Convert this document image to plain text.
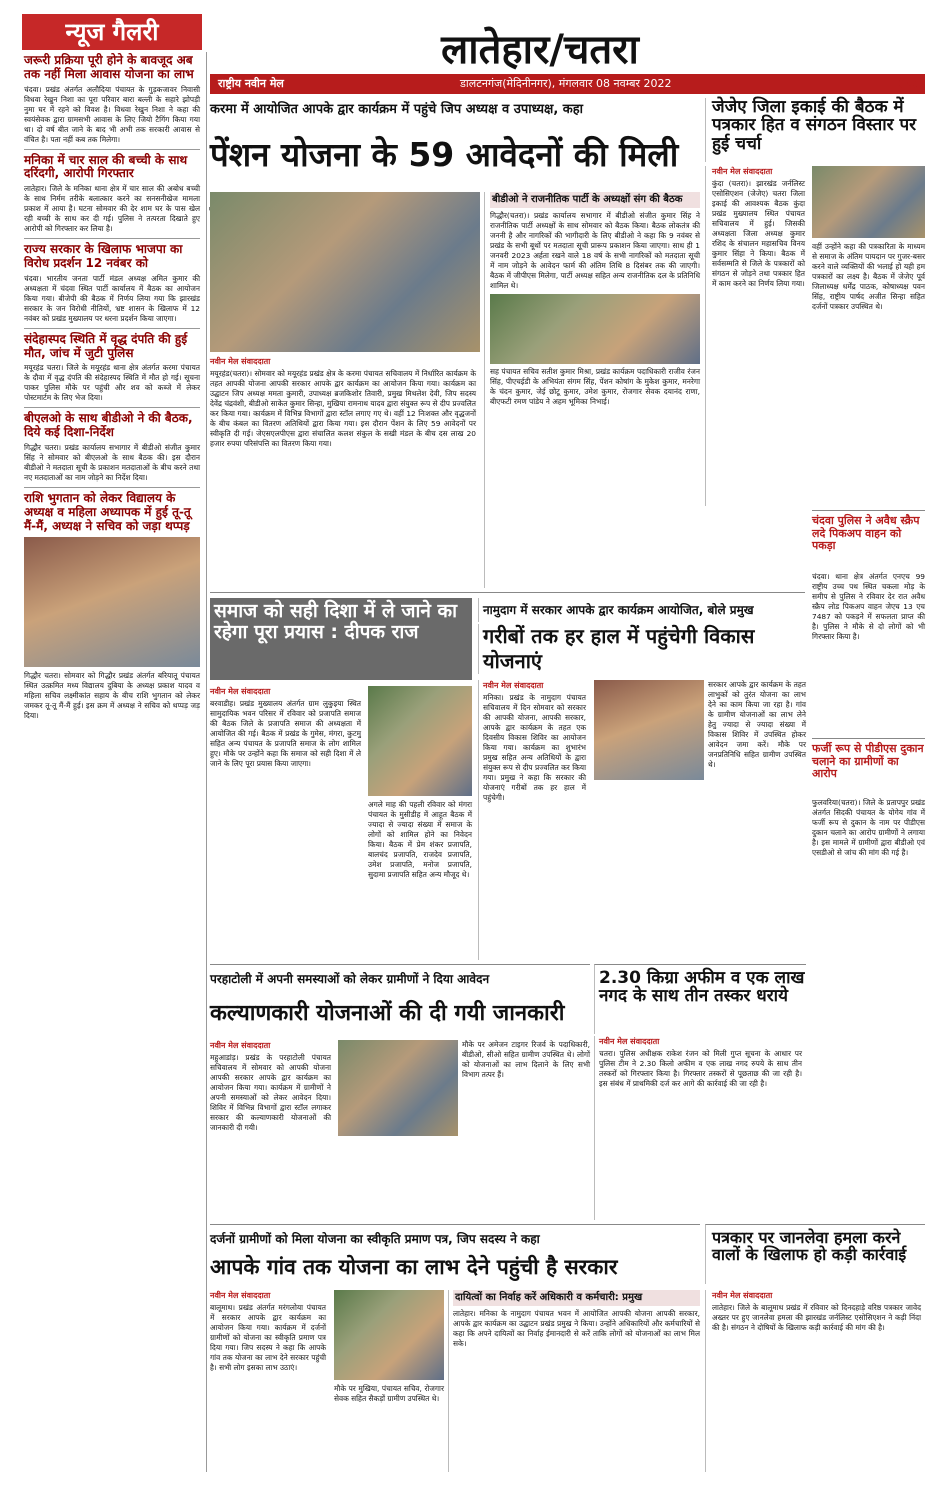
लातेहार/चतरा
राष्ट्रीय नवीन मेल	डालटनगंज(मेदिनीनगर), मंगलवार 08 नवम्बर 2022	05
न्यूज गैलरी
जरूरी प्रक्रिया पूरी होने के बावजूद अब तक नहीं मिला आवास योजना का लाभ
चंदवा। प्रखंड अंतर्गत अलौदिया पंचायत के गुड़कजावर निवासी विधवा रेखुन निशा का पूरा परिवार बारा बल्ली के सहारे झोपड़ी नुमा घर में रहने को विवश है। विधवा रेखुन निशा ने कहा की स्वयंसेवक द्वारा ग्रामसभी आवास के लिए जियो टैगिंग किया गया था। दो वर्ष बीत जाने के बाद भी अभी तक सरकारी आवास से वंचित है। पता नहीं कब तक मिलेगा।
मनिका में चार साल की बच्ची के साथ दरिंदगी, आरोपी गिरफ्तार
लातेहार। जिले के मनिका थाना क्षेत्र में चार साल की अबोध बच्ची के साथ निर्मम तरीके बलात्कार करने का सनसनीखेज मामला प्रकाश में आया है। घटना सोमवार की देर शाम घर के पास खेल रही बच्ची के साथ कर दी गई। पुलिस ने तत्परता दिखाते हुए आरोपी को गिरफ्तार कर लिया है।
राज्य सरकार के खिलाफ भाजपा का विरोध प्रदर्शन 12 नवंबर को
चंदवा। भारतीय जनता पार्टी मंडल अध्यक्ष अमित कुमार की अध्यक्षता में चंदवा स्थित पार्टी कार्यालय में बैठक का आयोजन किया गया। बीजेपी की बैठक में निर्णय लिया गया कि झारखंड सरकार के जन विरोधी नीतियों, भ्रष्ट शासन के खिलाफ में 12 नवंबर को प्रखंड मुख्यालय पर धरना प्रदर्शन किया जाएगा।
संदेहास्पद स्थिति में वृद्ध दंपति की हुई मौत, जांच में जुटी पुलिस
मयूरहंड चतरा। जिले के मयूरहंड थाना क्षेत्र अंतर्गत करमा पंचायत के दौवा में वृद्ध दंपति की संदेहास्पद स्थिति में मौत हो गई। सूचना पाकर पुलिस मौके पर पहुंची और शव को कब्जे में लेकर पोस्टमार्टम के लिए भेज दिया।
बीएलओ के साथ बीडीओ ने की बैठक, दिये कई दिशा-निर्देश
गिद्धौर चतरा। प्रखंड कार्यालय सभागार में बीडीओ संजीत कुमार सिंह ने सोमवार को बीएलओ के साथ बैठक की। इस दौरान बीडीओ ने मतदाता सूची के प्रकाशन मतदाताओं के बीच करने तथा नए मतदाताओं का नाम जोड़ने का निर्देश दिया।
राशि भुगतान को लेकर विद्यालय के अध्यक्ष व महिला अध्यापक में हुई तू-तू मैं-मैं, अध्यक्ष ने सचिव को जड़ा थप्पड़
गिद्धौर चतरा। सोमवार को गिद्धौर प्रखंड अंतर्गत बरियातू पंचायत स्थित उत्क्रमित मध्य विद्यालय दुबिया के अध्यक्ष प्रकाश यादव व महिला सचिव लक्ष्मीकांत सहाय के बीच राशि भुगतान को लेकर जमकर तू-तू मैं-मैं हुई। इस क्रम में अध्यक्ष ने सचिव को थप्पड़ जड़ दिया।
करमा में आयोजित आपके द्वार कार्यक्रम में पहुंचे जिप अध्यक्ष व उपाध्यक्ष, कहा
पेंशन योजना के 59 आवेदनों की मिली
नवीन मेल संवाददाता
मयूरहंड(चतरा)। सोमवार को मयूरहंड प्रखंड क्षेत्र के करमा पंचायत सचिवालय में निर्धारित कार्यक्रम के तहत आपकी योजना आपकी सरकार आपके द्वार कार्यक्रम का आयोजन किया गया। कार्यक्रम का उद्घाटन जिप अध्यक्ष ममता कुमारी, उपाध्यक्ष ब्रजकिशोर तिवारी, प्रमुख मिथलेश देवी, जिप सदस्य देवेंद्र चंद्रवंशी, बीडीओ साकेत कुमार सिन्हा, मुखिया रामनाथ यादव द्वारा संयुक्त रूप से दीप प्रज्वलित कर किया गया। कार्यक्रम में विभिन्न विभागों द्वारा स्टॉल लगाए गए थे। वहीं 12 निःशक्त और वृद्धजनों के बीच कंबल का वितरण अतिथियों द्वारा किया गया। इस दौरान पेंशन के लिए 59 आवेदनों पर स्वीकृति दी गई। जेएसएलपीएस द्वारा संचालित कलश संकुल के सखी मंडल के बीच दस लाख 20 हजार रुपया परिसंपत्ति का वितरण किया गया।
बीडीओ ने राजनीतिक पार्टी के अध्यक्षों संग की बैठक
गिद्धौर(चतरा)। प्रखंड कार्यालय सभागार में बीडीओ संजीत कुमार सिंह ने राजनीतिक पार्टी अध्यक्षों के साथ सोमवार को बैठक किया। बैठक लोकतंत्र की जननी है और नागरिकों की भागीदारी के लिए बीडीओ ने कहा कि 9 नवंबर से प्रखंड के सभी बूथों पर मतदाता सूची प्रारूप प्रकाशन किया जाएगा। साथ ही 1 जनवरी 2023 अर्हता रखने वाले 18 वर्ष के सभी नागरिकों को मतदाता सूची में नाम जोड़ने के आवेदन फार्म की अंतिम तिथि 8 दिसंबर तक की जाएगी। बैठक में जीपीएस मिलेगा, पार्टी अध्यक्ष सहित अन्य राजनीतिक दल के प्रतिनिधि शामिल थे।
सह पंचायत सचिव सतीश कुमार मिश्रा, प्रखंड कार्यक्रम पदाधिकारी राजीव रंजन सिंह, पीएचईडी के अभियंता संगम सिंह, पेंशन कोषांग के मुकेश कुमार, मनरेगा के चंदन कुमार, जेई छोटू कुमार, उमेश कुमार, रोजगार सेवक दयानंद राणा, बीएफटी रमण पांडेय ने अहम भूमिका निभाई।
जेजेए जिला इकाई की बैठक में पत्रकार हित व संगठन विस्तार पर हुई चर्चा
नवीन मेल संवाददाता
कुंदा (चतरा)। झारखंड जर्नलिस्ट एसोसिएशन (जेजेए) चतरा जिला इकाई की आवश्यक बैठक कुंदा प्रखंड मुख्यालय स्थित पंचायत सचिवालय में हुई। जिसकी अध्यक्षता जिला अध्यक्ष कुमार रशिद के संचालन महासचिव विनय कुमार सिंहा ने किया। बैठक में सर्वसम्मति से जिले के पत्रकारों को संगठन से जोड़ने तथा पत्रकार हित में काम करने का निर्णय लिया गया।
वहीं उन्होंने कहा की पत्रकारिता के माध्यम से समाज के अंतिम पायदान पर गुजर-बसर करने वाले व्यक्तियों की भलाई हो यही हम पत्रकारों का लक्ष्य है। बैठक में जेजेए पूर्व जिलाध्यक्ष धर्मेंद्र पाठक, कोषाध्यक्ष पवन सिंह, राष्ट्रीय पार्षद अजीत सिन्हा सहित दर्जनों पत्रकार उपस्थित थे।
चंदवा पुलिस ने अवैध स्क्रैप लदे पिकअप वाहन को पकड़ा
चंदवा। थाना क्षेत्र अंतर्गत एनएच 99 राष्ट्रीय उच्च पथ स्थित चकला मोड़ के समीप से पुलिस ने रविवार देर रात अवैध स्क्रैप लोड पिकअप वाहन जेएच 13 एच 7487 को पकड़ने में सफलता प्राप्त की है। पुलिस ने मौके से दो लोगों को भी गिरफ्तार किया है।
फर्जी रूप से पीडीएस दुकान चलाने का ग्रामीणों का आरोप
फुलवरिया(चतरा)। जिले के प्रतापपुर प्रखंड अंतर्गत सिदकी पंचायत के योगेय गांव में फर्जी रूप से दुकान के नाम पर पीडीएस दुकान चलाने का आरोप ग्रामीणों ने लगाया है। इस मामले में ग्रामीणों द्वारा बीडीओ एवं एसडीओ से जांच की मांग की गई है।
समाज को सही दिशा में ले जाने का रहेगा पूरा प्रयास : दीपक राज
नवीन मेल संवाददाता
बरवाडीह। प्रखंड मुख्यालय अंतर्गत ग्राम लुकुइया स्थित सामुदायिक भवन परिसर में रविवार को प्रजापति समाज की बैठक जिले के प्रजापति समाज की अध्यक्षता में आयोजित की गई। बैठक में प्रखंड के गुमेस, मंगरा, कुटमु सहित अन्य पंचायत के प्रजापति समाज के लोग शामिल हुए। मौके पर उन्होंने कहा कि समाज को सही दिशा में ले जाने के लिए पूरा प्रयास किया जाएगा।
अगले माह की पहली रविवार को मंगरा पंचायत के मुसीडीह में आहूत बैठक में ज्यादा से ज्यादा संख्या में समाज के लोगों को शामिल होने का निवेदन किया। बैठक में प्रेम शंकर प्रजापति, बालचंद प्रजापति, राजदेव प्रजापति, उमेश प्रजापति, मनोज प्रजापति, सुदामा प्रजापति सहित अन्य मौजूद थे।
नामुदाग में सरकार आपके द्वार कार्यक्रम आयोजित, बोले प्रमुख
गरीबों तक हर हाल में पहुंचेगी विकास योजनाएं
नवीन मेल संवाददाता
मनिका। प्रखंड के नामुदाग पंचायत सचिवालय में दिन सोमवार को सरकार की आपकी योजना, आपकी सरकार, आपके द्वार कार्यक्रम के तहत एक दिवसीय विकास शिविर का आयोजन किया गया। कार्यक्रम का शुभारंभ प्रमुख सहित अन्य अतिथियों के द्वारा संयुक्त रूप से दीप प्रज्वलित कर किया गया। प्रमुख ने कहा कि सरकार की योजनाएं गरीबों तक हर हाल में पहुंचेगी।
सरकार आपके द्वार कार्यक्रम के तहत लाभुकों को तुरंत योजना का लाभ देने का काम किया जा रहा है। गांव के ग्रामीण योजनाओं का लाभ लेने हेतु ज्यादा से ज्यादा संख्या में विकास शिविर में उपस्थित होकर आवेदन जमा करें। मौके पर जनप्रतिनिधि सहित ग्रामीण उपस्थित थे।
परहाटोली में अपनी समस्याओं को लेकर ग्रामीणों ने दिया आवेदन
कल्याणकारी योजनाओं की दी गयी जानकारी
नवीन मेल संवाददाता
महुआडांड़। प्रखंड के परहाटोली पंचायत सचिवालय में सोमवार को आपकी योजना आपकी सरकार आपके द्वार कार्यक्रम का आयोजन किया गया। कार्यक्रम में ग्रामीणों ने अपनी समस्याओं को लेकर आवेदन दिया। शिविर में विभिन्न विभागों द्वारा स्टॉल लगाकर सरकार की कल्याणकारी योजनाओं की जानकारी दी गयी।
मौके पर अमेजन टाइगर रिजर्व के पदाधिकारी, बीडीओ, सीओ सहित ग्रामीण उपस्थित थे। लोगों को योजनाओं का लाभ दिलाने के लिए सभी विभाग तत्पर हैं।
2.30 किग्रा अफीम व एक लाख नगद के साथ तीन तस्कर धराये
नवीन मेल संवाददाता
चतरा। पुलिस अधीक्षक राकेश रंजन को मिली गुप्त सूचना के आधार पर पुलिस टीम ने 2.30 किलो अफीम व एक लाख नगद रुपये के साथ तीन तस्करों को गिरफ्तार किया है। गिरफ्तार तस्करों से पूछताछ की जा रही है। इस संबंध में प्राथमिकी दर्ज कर आगे की कार्रवाई की जा रही है।
दर्जनों ग्रामीणों को मिला योजना का स्वीकृति प्रमाण पत्र, जिप सदस्य ने कहा
आपके गांव तक योजना का लाभ देने पहुंची है सरकार
नवीन मेल संवाददाता
बालूमाथ। प्रखंड अंतर्गत मरंगलोया पंचायत में सरकार आपके द्वार कार्यक्रम का आयोजन किया गया। कार्यक्रम में दर्जनों ग्रामीणों को योजना का स्वीकृति प्रमाण पत्र दिया गया। जिप सदस्य ने कहा कि आपके गांव तक योजना का लाभ देने सरकार पहुंची है। सभी लोग इसका लाभ उठाएं।
मौके पर मुखिया, पंचायत सचिव, रोजगार सेवक सहित सैकड़ों ग्रामीण उपस्थित थे।
दायित्वों का निर्वाह करें अधिकारी व कर्मचारी: प्रमुख
लातेहार। मनिका के नामुदाग पंचायत भवन में आयोजित आपकी योजना आपकी सरकार, आपके द्वार कार्यक्रम का उद्घाटन प्रखंड प्रमुख ने किया। उन्होंने अधिकारियों और कर्मचारियों से कहा कि अपने दायित्वों का निर्वाह ईमानदारी से करें ताकि लोगों को योजनाओं का लाभ मिल सके।
पत्रकार पर जानलेवा हमला करने वालों के खिलाफ हो कड़ी कार्रवाई
नवीन मेल संवाददाता
लातेहार। जिले के बालूमाथ प्रखंड में रविवार को दिनदहाड़े वरिष्ठ पत्रकार जावेद अख्तर पर हुए जानलेवा हमला की झारखंड जर्नलिस्ट एसोसिएशन ने कड़ी निंदा की है। संगठन ने दोषियों के खिलाफ कड़ी कार्रवाई की मांग की है।
